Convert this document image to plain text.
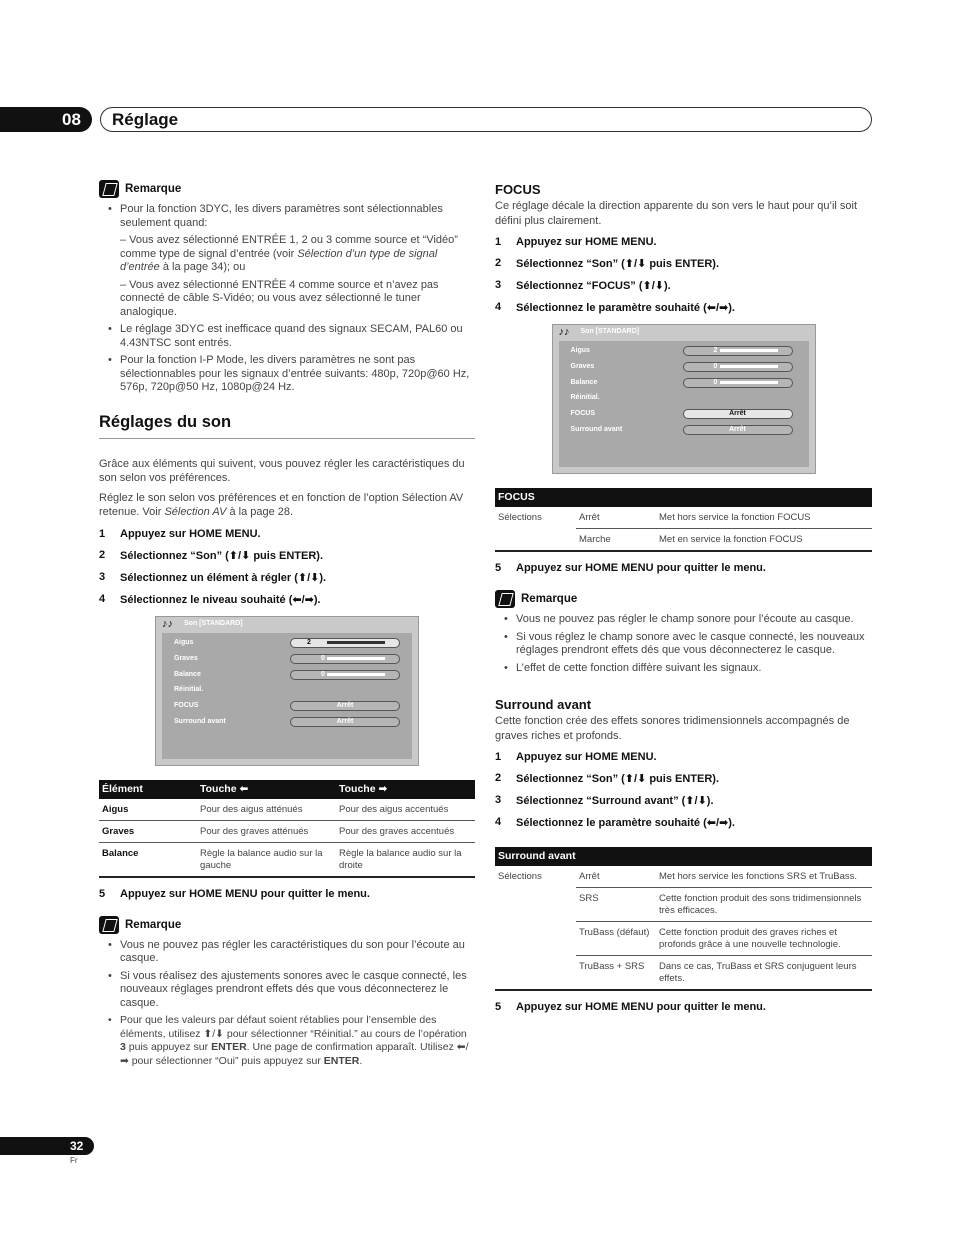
08	Réglage
Remarque
• Pour la fonction 3DYC, les divers paramètres sont sélectionnables seulement quand:
– Vous avez sélectionné ENTRÉE 1, 2 ou 3 comme source et “Vidéo” comme type de signal d’entrée (voir Sélection d’un type de signal d’entrée à la page 34); ou
– Vous avez sélectionné ENTRÉE 4 comme source et n’avez pas connecté de câble S-Vidéo; ou vous avez sélectionné le tuner analogique.
• Le réglage 3DYC est inefficace quand des signaux SECAM, PAL60 ou 4.43NTSC sont entrés.
• Pour la fonction I-P Mode, les divers paramètres ne sont pas sélectionnables pour les signaux d’entrée suivants: 480p, 720p@60 Hz, 576p, 720p@50 Hz, 1080p@24 Hz.
Réglages du son

Grâce aux éléments qui suivent, vous pouvez régler les caractéristiques du son selon vos préférences.

Réglez le son selon vos préférences et en fonction de l’option Sélection AV retenue. Voir Sélection AV à la page 28.

1	Appuyez sur HOME MENU.
2	Sélectionnez “Son” (⬆/⬇ puis ENTER).
3	Sélectionnez un élément à régler (⬆/⬇).
4	Sélectionnez le niveau souhaité (⬅/➡).
♪♪	Son [STANDARD]
Aigus
Graves
Balance
Réinitial.
FOCUS
Surround avant
2
0
0
Arrêt
Arrêt
Élément	Touche ⬅	Touche ➡
Aigus	Pour des aigus atténués	Pour des aigus accentués
Graves	Pour des graves atténués	Pour des graves accentués
Balance	Règle la balance audio sur la gauche	Règle la balance audio sur la droite
5	Appuyez sur HOME MENU pour quitter le menu.
Remarque
• Vous ne pouvez pas régler les caractéristiques du son pour l’écoute au casque.
• Si vous réalisez des ajustements sonores avec le casque connecté, les nouveaux réglages prendront effets dés que vous déconnecterez le casque.
• Pour que les valeurs par défaut soient rétablies pour l’ensemble des éléments, utilisez ⬆/⬇ pour sélectionner “Réinitial.” au cours de l’opération 3 puis appuyez sur ENTER. Une page de confirmation apparaît. Utilisez ⬅/➡ pour sélectionner “Oui” puis appuyez sur ENTER.
FOCUS

Ce réglage décale la direction apparente du son vers le haut pour qu’il soit défini plus clairement.

1	Appuyez sur HOME MENU.
2	Sélectionnez “Son” (⬆/⬇ puis ENTER).
3	Sélectionnez “FOCUS” (⬆/⬇).
4	Sélectionnez le paramètre souhaité (⬅/➡).
♪♪	Son [STANDARD]
Aigus
Graves
Balance
Réinitial.
FOCUS
Surround avant
2
0
0
Arrêt
Arrêt
FOCUS		
Sélections	Arrêt	Met hors service la fonction FOCUS
	Marche	Met en service la fonction FOCUS
5	Appuyez sur HOME MENU pour quitter le menu.
Remarque
• Vous ne pouvez pas régler le champ sonore pour l’écoute au casque.
• Si vous réglez le champ sonore avec le casque connecté, les nouveaux réglages prendront effets dés que vous déconnecterez le casque.
• L’effet de cette fonction diffère suivant les signaux.
Surround avant

Cette fonction crée des effets sonores tridimensionnels accompagnés de graves riches et profonds.

1	Appuyez sur HOME MENU.
2	Sélectionnez “Son” (⬆/⬇ puis ENTER).
3	Sélectionnez “Surround avant” (⬆/⬇).
4	Sélectionnez le paramètre souhaité (⬅/➡).
Surround avant		
Sélections	Arrêt	Met hors service les fonctions SRS et TruBass.
	SRS	Cette fonction produit des sons tridimensionnels très efficaces.
	TruBass (défaut)	Cette fonction produit des graves riches et profonds grâce à une nouvelle technologie.
	TruBass + SRS	Dans ce cas, TruBass et SRS conjuguent leurs effets.
5	Appuyez sur HOME MENU pour quitter le menu.
32
Fr
